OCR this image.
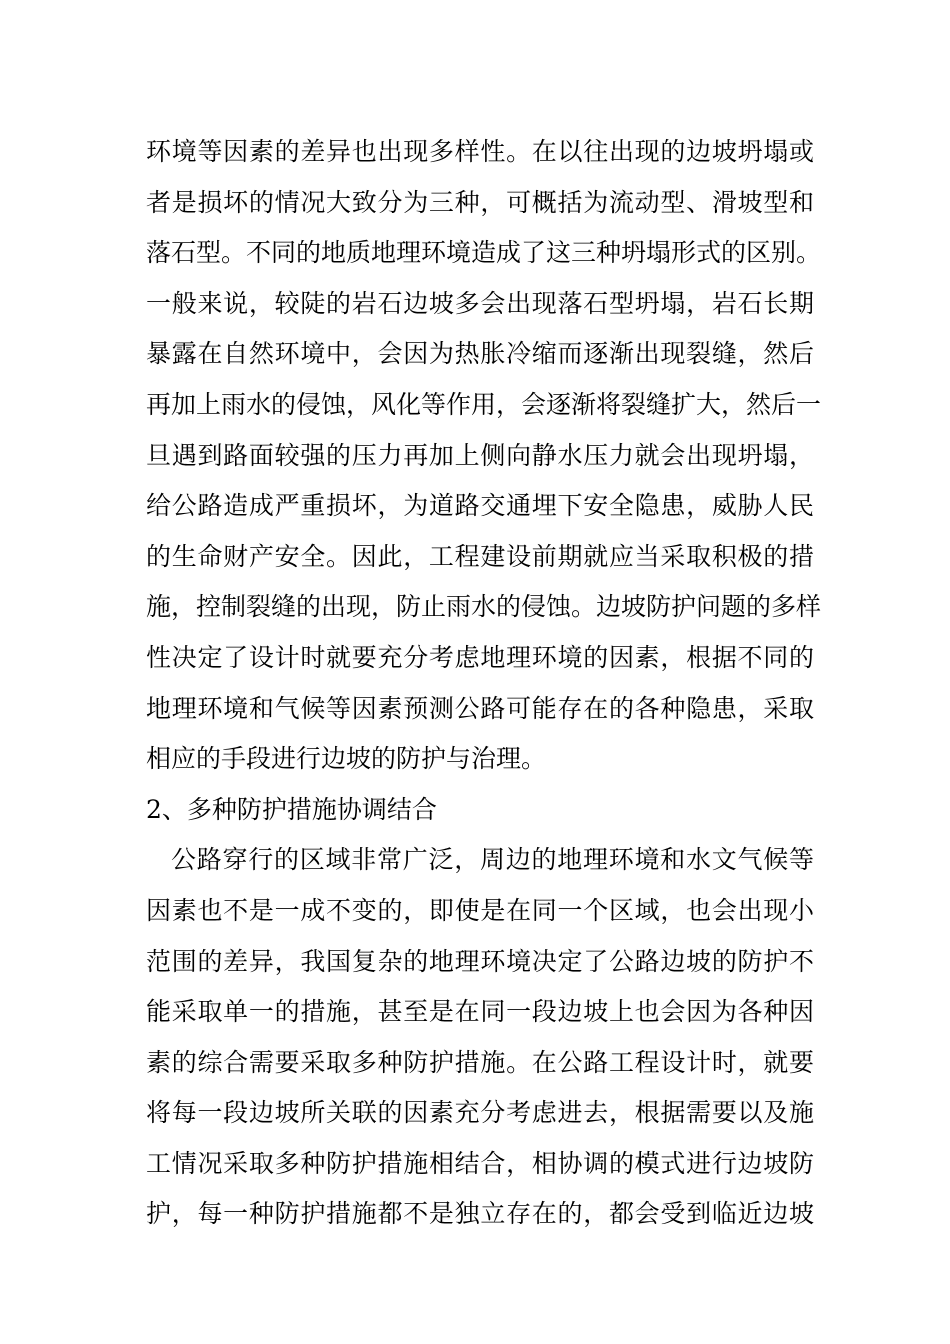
环境等因素的差异也出现多样性。在以往出现的边坡坍塌或
者是损坏的情况大致分为三种，可概括为流动型、滑坡型和
落石型。不同的地质地理环境造成了这三种坍塌形式的区别。
一般来说，较陡的岩石边坡多会出现落石型坍塌，岩石长期
暴露在自然环境中，会因为热胀冷缩而逐渐出现裂缝，然后
再加上雨水的侵蚀，风化等作用，会逐渐将裂缝扩大，然后一
旦遇到路面较强的压力再加上侧向静水压力就会出现坍塌，
给公路造成严重损坏，为道路交通埋下安全隐患，威胁人民
的生命财产安全。因此，工程建设前期就应当采取积极的措
施，控制裂缝的出现，防止雨水的侵蚀。边坡防护问题的多样
性决定了设计时就要充分考虑地理环境的因素，根据不同的
地理环境和气候等因素预测公路可能存在的各种隐患，采取
相应的手段进行边坡的防护与治理。
2、多种防护措施协调结合
公路穿行的区域非常广泛，周边的地理环境和水文气候等
因素也不是一成不变的，即使是在同一个区域，也会出现小
范围的差异，我国复杂的地理环境决定了公路边坡的防护不
能采取单一的措施，甚至是在同一段边坡上也会因为各种因
素的综合需要采取多种防护措施。在公路工程设计时，就要
将每一段边坡所关联的因素充分考虑进去，根据需要以及施
工情况采取多种防护措施相结合，相协调的模式进行边坡防
护，每一种防护措施都不是独立存在的，都会受到临近边坡
